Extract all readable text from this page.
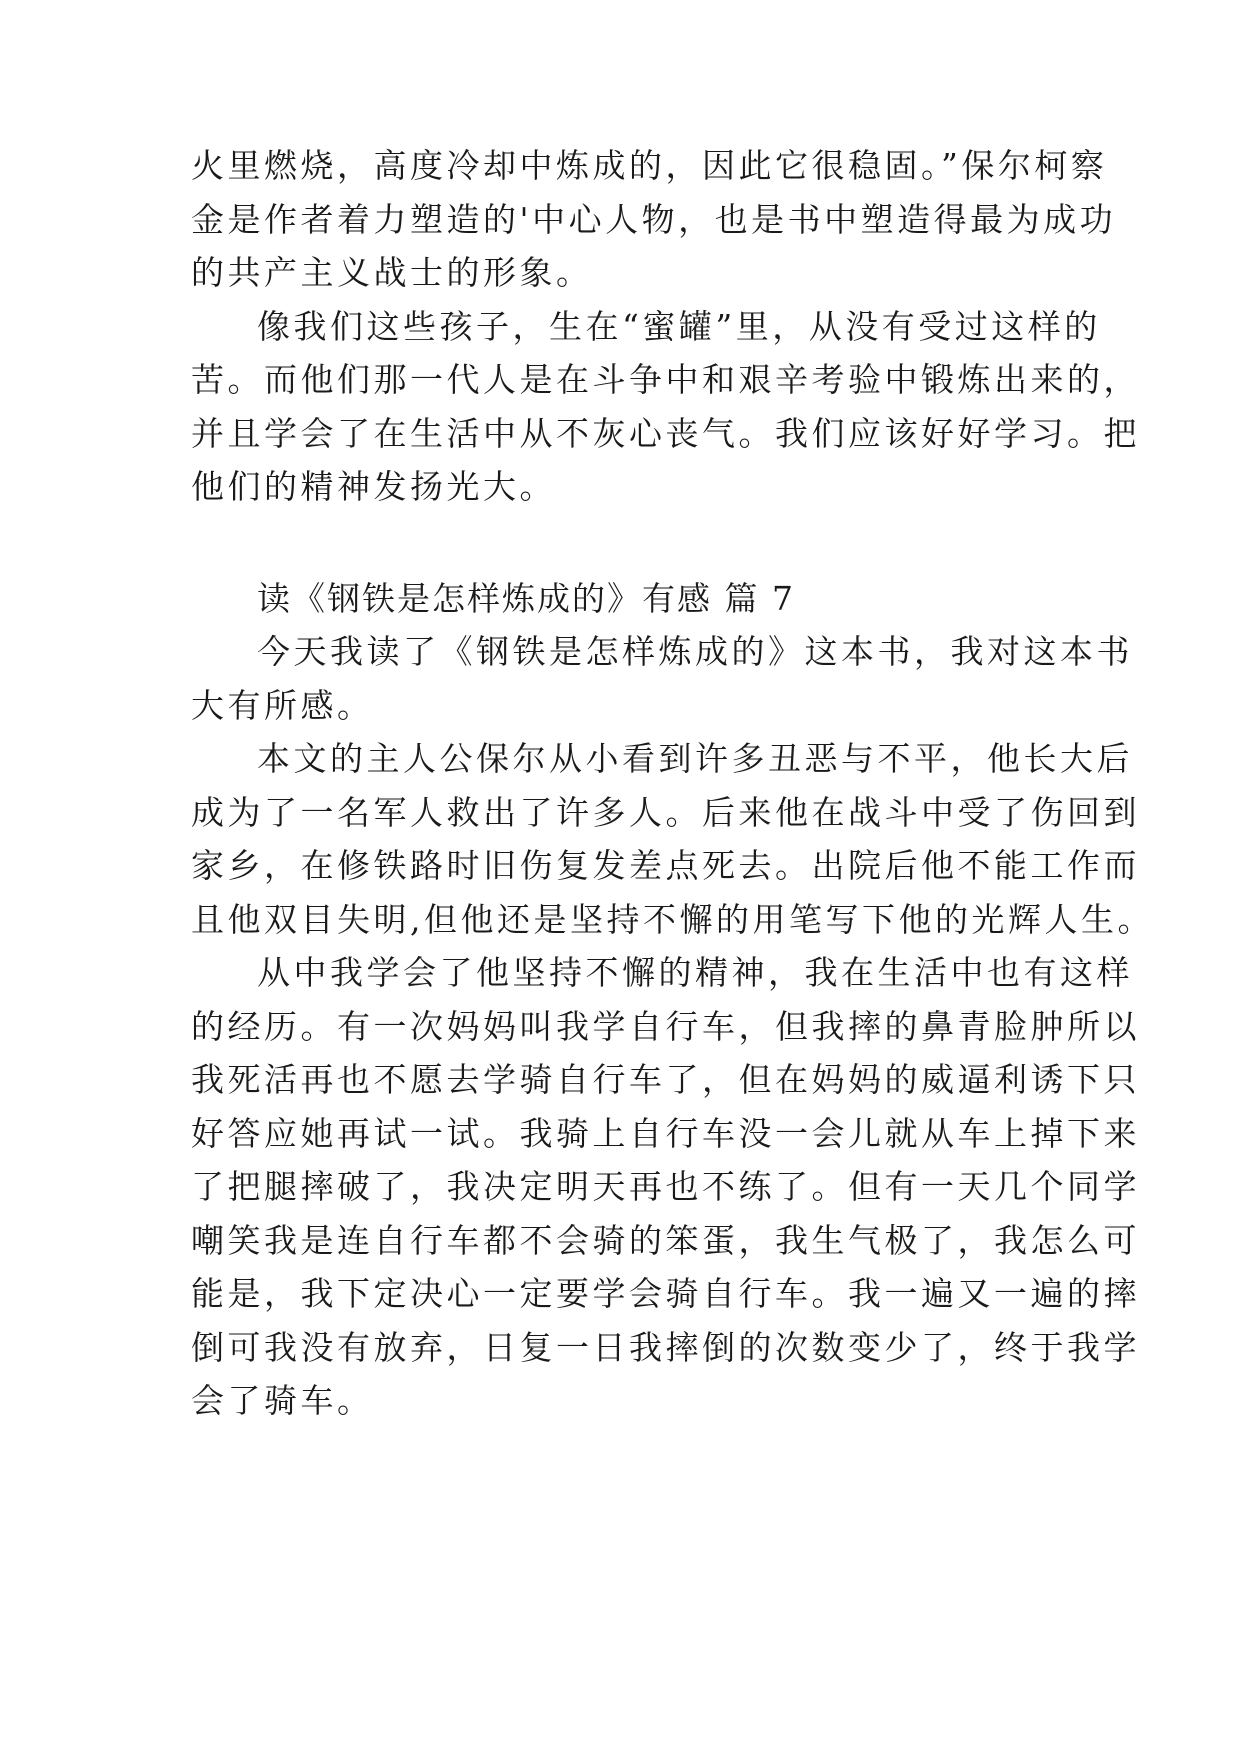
火里燃烧，高度冷却中炼成的，因此它很稳固。”保尔柯察
金是作者着力塑造的'中心人物，也是书中塑造得最为成功
的共产主义战士的形象。
像我们这些孩子，生在“蜜罐”里，从没有受过这样的
苦。而他们那一代人是在斗争中和艰辛考验中锻炼出来的，
并且学会了在生活中从不灰心丧气。我们应该好好学习。把
他们的精神发扬光大。
读《钢铁是怎样炼成的》有感 篇 7
今天我读了《钢铁是怎样炼成的》这本书，我对这本书
大有所感。
本文的主人公保尔从小看到许多丑恶与不平，他长大后
成为了一名军人救出了许多人。后来他在战斗中受了伤回到
家乡，在修铁路时旧伤复发差点死去。出院后他不能工作而
且他双目失明,但他还是坚持不懈的用笔写下他的光辉人生。
从中我学会了他坚持不懈的精神，我在生活中也有这样
的经历。有一次妈妈叫我学自行车，但我摔的鼻青脸肿所以
我死活再也不愿去学骑自行车了，但在妈妈的威逼利诱下只
好答应她再试一试。我骑上自行车没一会儿就从车上掉下来
了把腿摔破了，我决定明天再也不练了。但有一天几个同学
嘲笑我是连自行车都不会骑的笨蛋，我生气极了，我怎么可
能是，我下定决心一定要学会骑自行车。我一遍又一遍的摔
倒可我没有放弃，日复一日我摔倒的次数变少了，终于我学
会了骑车。
